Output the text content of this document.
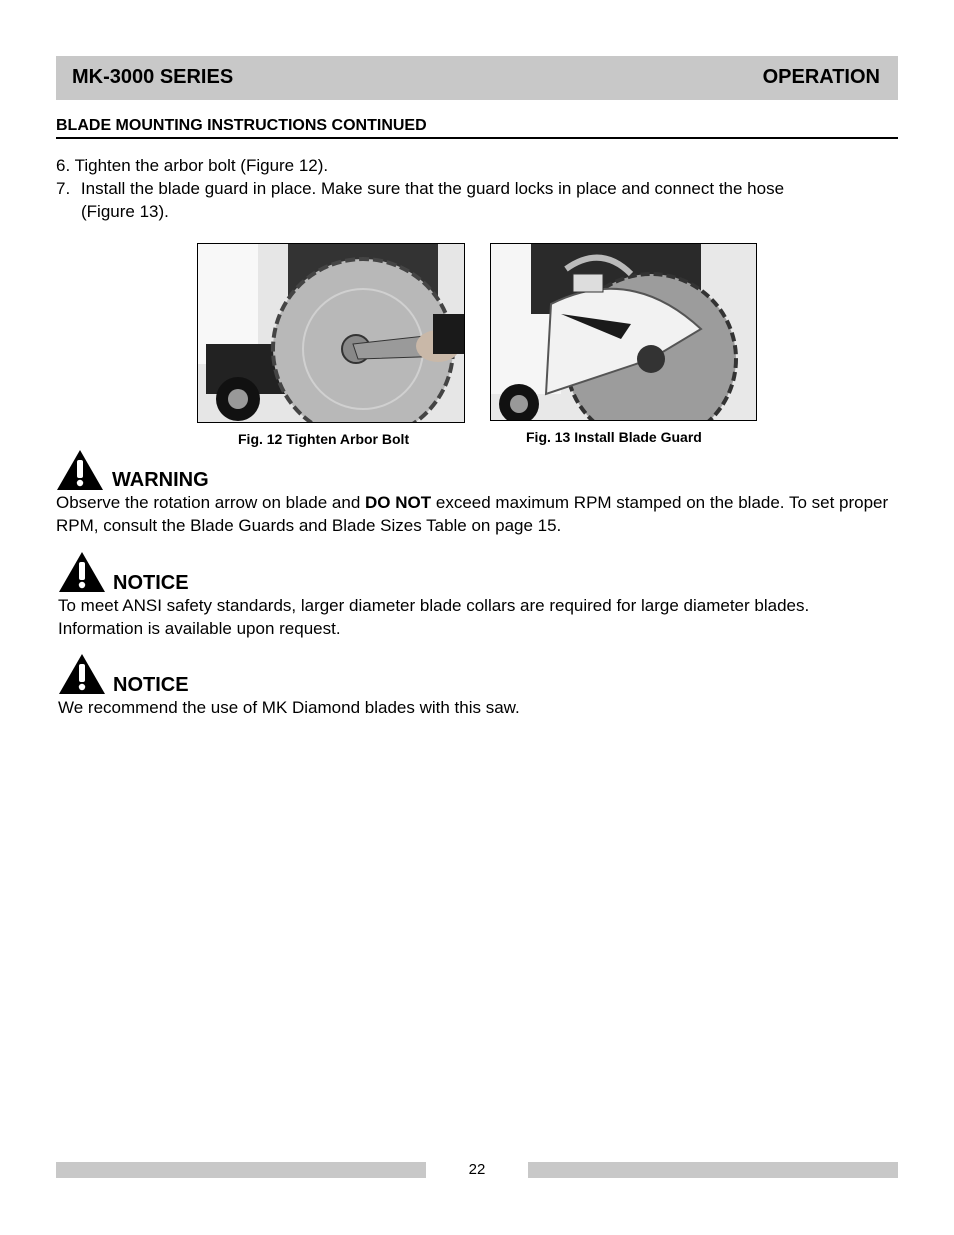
MK-3000 SERIES	OPERATION
BLADE MOUNTING INSTRUCTIONS CONTINUED
6. Tighten the arbor bolt (Figure 12).
7. Install the blade guard in place. Make sure that the guard locks in place and connect the hose
(Figure 13).
Fig. 12 Tighten Arbor Bolt	Fig. 13 Install Blade Guard
WARNING
Observe the rotation arrow on blade and DO NOT exceed maximum RPM stamped on the blade. To set proper RPM, consult the Blade Guards and Blade Sizes Table on page 15.
NOTICE
To meet ANSI safety standards, larger diameter blade collars are required for large diameter blades. Information is available upon request.
NOTICE
We recommend the use of MK Diamond blades with this saw.
22
